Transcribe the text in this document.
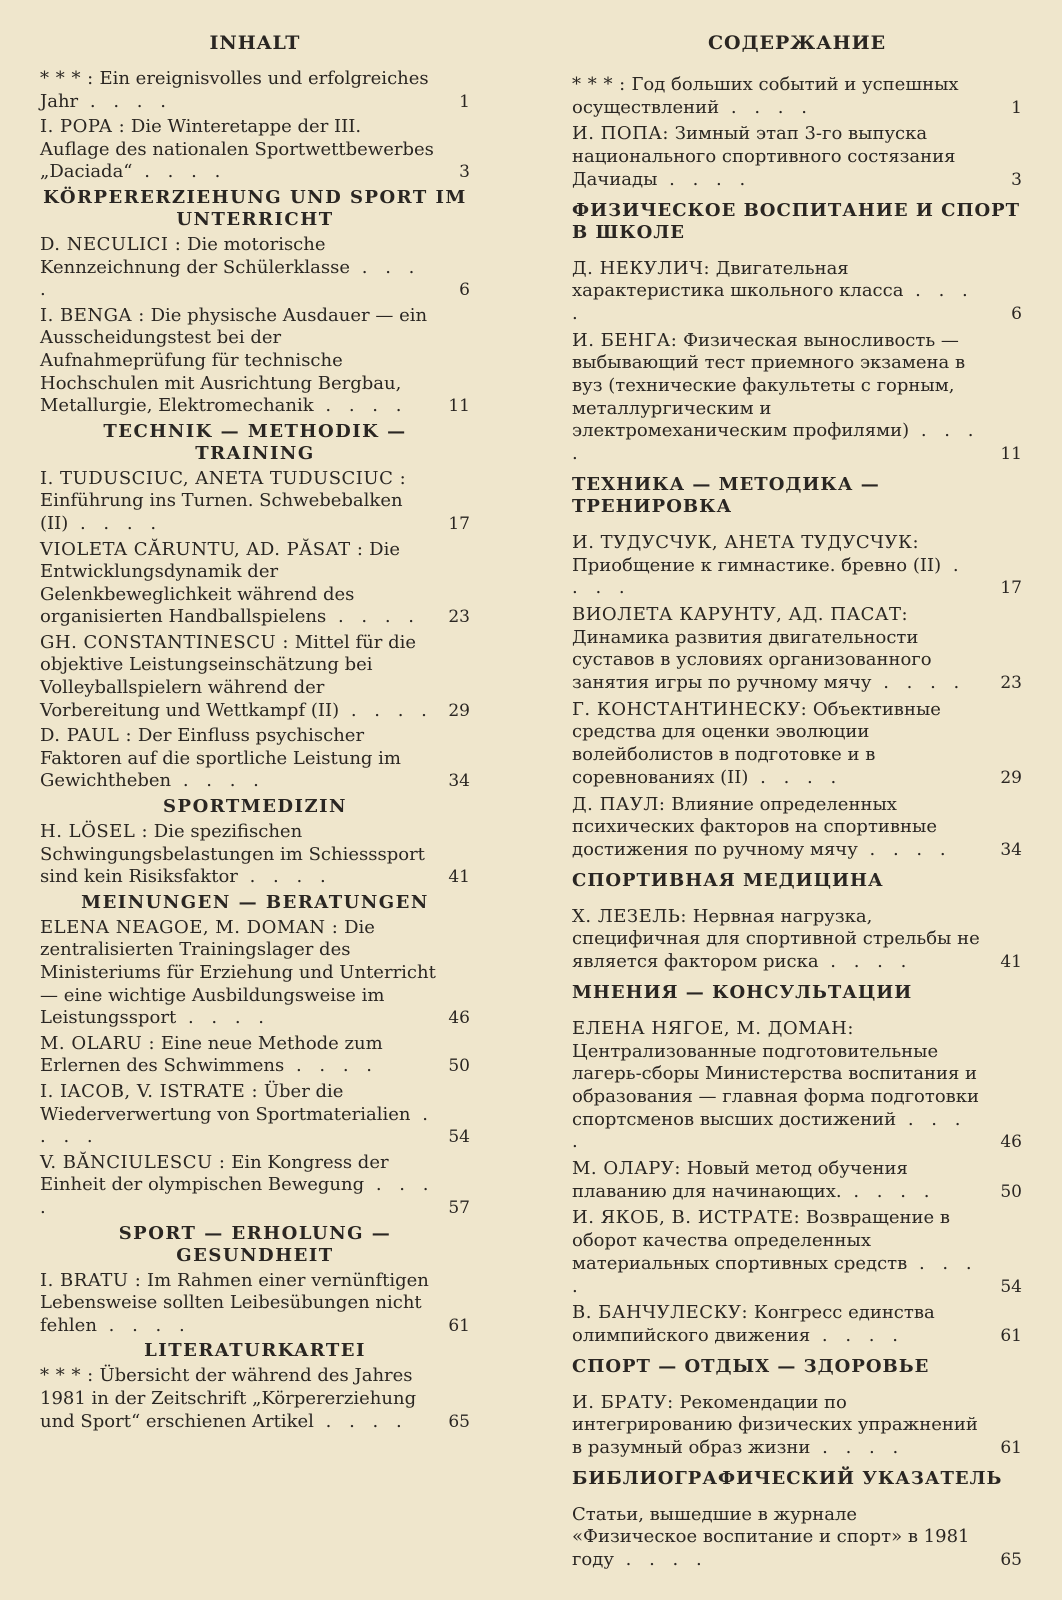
INHALT
* * * : Ein ereignisvolles und erfolgreiches Jahr . . . .	1
I. POPA : Die Winteretappe der III. Auflage des nationalen Sportwettbewerbes „Daciada“ . . . .	3
KÖRPERERZIEHUNG UND SPORT IM UNTERRICHT
D. NECULICI : Die motorische Kennzeichnung der Schülerklasse . . . .	6
I. BENGA : Die physische Ausdauer — ein Ausscheidungstest bei der Aufnahmeprüfung für technische Hochschulen mit Ausrichtung Bergbau, Metallurgie, Elektromechanik . . . .	11
TECHNIK — METHODIK — TRAINING
I. TUDUSCIUC, ANETA TUDUSCIUC : Einführung ins Turnen. Schwebebalken (II) . . . .	17
VIOLETA CĂRUNTU, AD. PĂSAT : Die Entwicklungsdynamik der Gelenkbeweglichkeit während des organisierten Handballspielens . . . .	23
GH. CONSTANTINESCU : Mittel für die objektive Leistungseinschätzung bei Volleyballspielern während der Vorbereitung und Wettkampf (II) . . . . 29
D. PAUL : Der Einfluss psychischer Faktoren auf die sportliche Leistung im Gewichtheben . . . .	34
SPORTMEDIZIN
H. LÖSEL : Die spezifischen Schwingungsbelastungen im Schiesssport sind kein Risiksfaktor . . . .	41
MEINUNGEN — BERATUNGEN
ELENA NEAGOE, M. DOMAN : Die zentralisierten Trainingslager des Ministeriums für Erziehung und Unterricht — eine wichtige Ausbildungsweise im Leistungssport . . . .	46
M. OLARU : Eine neue Methode zum Erlernen des Schwimmens . . . .	50
I. IACOB, V. ISTRATE : Über die Wiederverwertung von Sportmaterialien . . . .	54
V. BĂNCIULESCU : Ein Kongress der Einheit der olympischen Bewegung . . . .	57
SPORT — ERHOLUNG — GESUNDHEIT
I. BRATU : Im Rahmen einer vernünftigen Lebensweise sollten Leibesübungen nicht fehlen . . . .	61
LITERATURKARTEI
* * * : Übersicht der während des Jahres 1981 in der Zeitschrift „Körpererziehung und Sport“ erschienen Artikel . . . .	65
СОДЕРЖАНИЕ
* * * : Год больших событий и успешных осуществлений . . . .	1
И. ПОПА: Зимный этап 3-го выпуска национального спортивного состязания Дачиады . . . .	3
ФИЗИЧЕСКОЕ ВОСПИТАНИЕ И СПОРТ В ШКОЛЕ
Д. НЕКУЛИЧ: Двигательная характеристика школьного класса . . . .	6
И. БЕНГА: Физическая выносливость — выбывающий тест приемного экзамена в вуз (технические факультеты с горным, металлургическим и электромеханическим профилями) . . . .	11
ТЕХНИКА — МЕТОДИКА — ТРЕНИРОВКА
И. ТУДУСЧУК, АНЕТА ТУДУСЧУК: Приобщение к гимнастике. бревно (II) . . . .	17
ВИОЛЕТА КАРУНТУ, АД. ПАСАТ: Динамика развития двигательности суставов в условиях организованного занятия игры по ручному мячу . . . .	23
Г. КОНСТАНТИНЕСКУ: Объективные средства для оценки эволюции волейболистов в подготовке и в соревнованиях (II) . . . .	29
Д. ПАУЛ: Влияние определенных психических факторов на спортивные достижения по ручному мячу . . . .	34
СПОРТИВНАЯ МЕДИЦИНА
Х. ЛЕЗЕЛЬ: Нервная нагрузка, специфичная для спортивной стрельбы не является фактором риска . . . .	41
МНЕНИЯ — КОНСУЛЬТАЦИИ
ЕЛЕНА НЯГОЕ, М. ДОМАН: Централизованные подготовительные лагерь-сборы Министерства воспитания и образования — главная форма подготовки спортсменов высших достижений . . . .	46
М. ОЛАРУ: Новый метод обучения плаванию для начинающих. . . . .	50
И. ЯКОБ, В. ИСТРАТЕ: Возвращение в оборот качества определенных материальных спортивных средств . . . .	54
В. БАНЧУЛЕСКУ: Конгресс единства олимпийского движения . . . .	61
СПОРТ — ОТДЫХ — ЗДОРОВЬЕ
И. БРАТУ: Рекомендации по интегрированию физических упражнений в разумный образ жизни . . . .	61
БИБЛИОГРАФИЧЕСКИЙ УКАЗАТЕЛЬ
Статьи, вышедшие в журнале «Физическое воспитание и спорт» в 1981 году . . . .	65
